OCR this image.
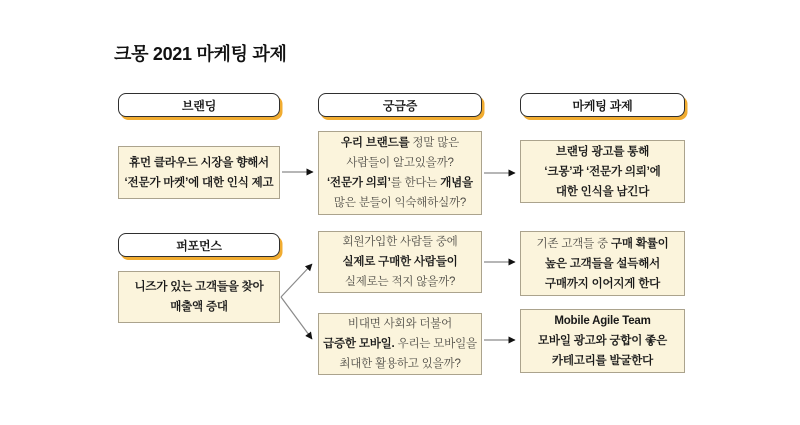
크몽 2021 마케팅 과제
브랜딩	궁금증	마케팅 과제
퍼포먼스
휴먼 클라우드 시장을 향해서
‘전문가 마켓’에 대한 인식 제고
우리 브랜드를 정말 많은
사람들이 알고있을까?
‘전문가 의뢰’를 한다는 개념을
많은 분들이 익숙해하실까?
브랜딩 광고를 통해
‘크몽’과 ‘전문가 의뢰’에
대한 인식을 남긴다
니즈가 있는 고객들을 찾아
매출액 증대
회원가입한 사람들 중에
실제로 구매한 사람들이
실제로는 적지 않을까?
기존 고객들 중 구매 확률이
높은 고객들을 설득해서
구매까지 이어지게 한다
비대면 사회와 더불어
급증한 모바일. 우리는 모바일을
최대한 활용하고 있을까?
Mobile Agile Team
모바일 광고와 궁합이 좋은
카테고리를 발굴한다
